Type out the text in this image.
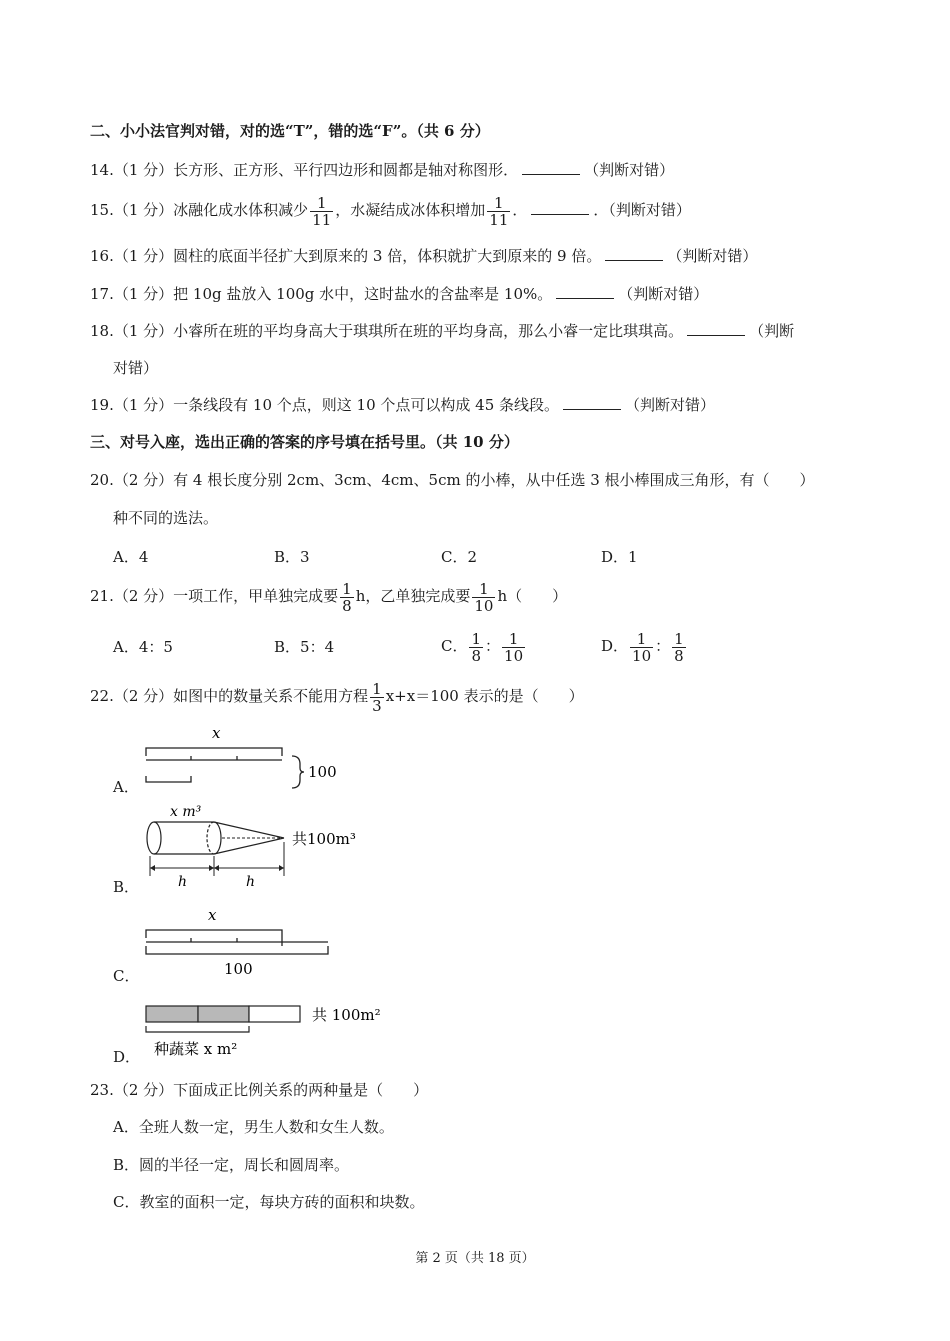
二、小小法官判对错，对的选“T”，错的选“F”。（共 6 分）
14.（1 分）长方形、正方形、平行四边形和圆都是轴对称图形．	（判断对错）
15.（1 分）冰融化成水体积减少 $\frac{1}{11}$ ，水凝结成冰体积增加 $\frac{1}{11}$ ．	．（判断对错）
16.（1 分）圆柱的底面半径扩大到原来的 3 倍，体积就扩大到原来的 9 倍。	（判断对错）
17.（1 分）把 10g 盐放入 100g 水中，这时盐水的含盐率是 10%。	（判断对错）
18.（1 分）小睿所在班的平均身高大于琪琪所在班的平均身高，那么小睿一定比琪琪高。	（判断
对错）
19.（1 分）一条线段有 10 个点，则这 10 个点可以构成 45 条线段。	（判断对错）
三、对号入座，选出正确的答案的序号填在括号里。（共 10 分）
20.（2 分）有 4 根长度分别 2cm、3cm、4cm、5cm 的小棒，从中任选 3 根小棒围成三角形，有（　　）
种不同的选法。
A．4	B．3	C．2	D．1
21.（2 分）一项工作，甲单独完成要 $\frac{1}{8}$ h，乙单独完成要 $\frac{1}{10} h$（　　）
A．4：5	B．5：4	C． $\frac{1}{8}$ ： $\frac{1}{10}$	D． $\frac{1}{10}$ ： $\frac{1}{8}$
22.（2 分）如图中的数量关系不能用方程 $\frac{1}{3} x+x=100$ 表示的是（　　）
A．
x
100
B．
x m³
共100m³
h	h
C．
x
100
D．
共 100m²
种蔬菜 x m²
23.（2 分）下面成正比例关系的两种量是（　　）
A．全班人数一定，男生人数和女生人数。
B．圆的半径一定，周长和圆周率。
C．教室的面积一定，每块方砖的面积和块数。
第 2 页（共 18 页）
